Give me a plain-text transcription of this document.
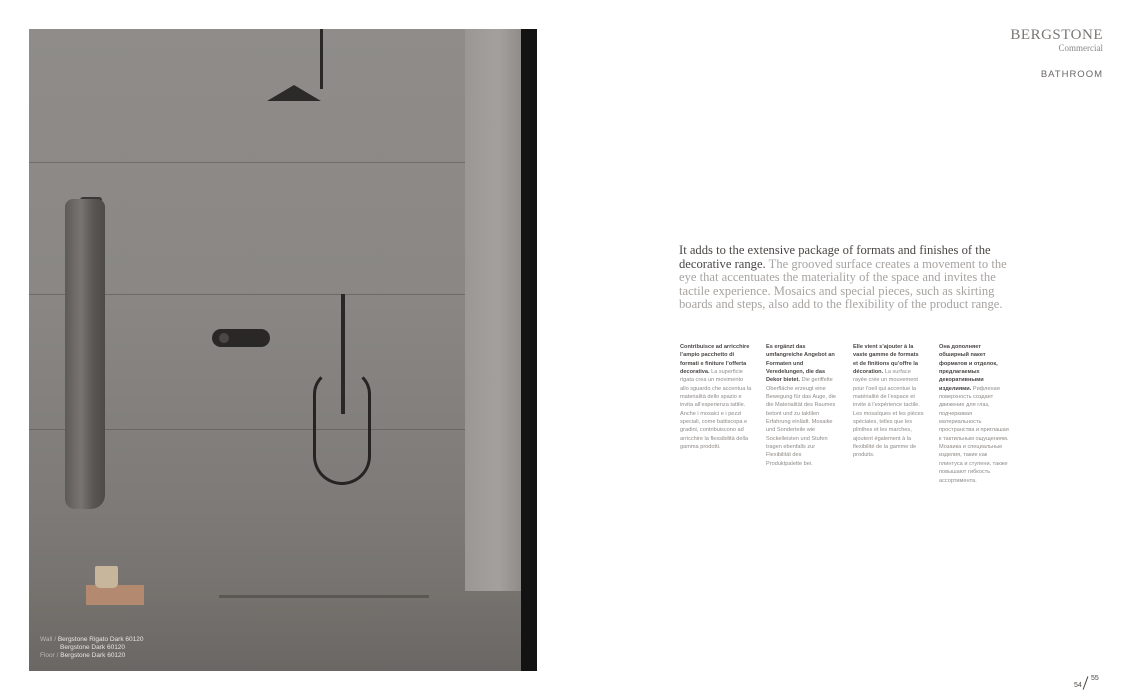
Wall / Bergstone Rigato Dark 60120
Bergstone Dark 60120
Floor / Bergstone Dark 60120
BERGSTONE
Commercial
BATHROOM

It adds to the extensive package of formats and finishes of the decorative range. The grooved surface creates a movement to the eye that accentuates the materiality of the space and invites the tactile experience. Mosaics and special pieces, such as skirting boards and steps, also add to the flexibility of the product range.

Contribuisce ad arricchire l’ampio pacchetto di formati e finiture l’offerta decorativa. La superficie rigata crea un movimento allo sguardo che accentua la materialità dello spazio e invita all’esperienza tattile. Anche i mosaici e i pezzi speciali, come battiscopa e gradini, contribuiscono ad arricchire la flessibilità della gamma prodotti.

Es ergänzt das umfangreiche Angebot an Formaten und Veredelungen, die das Dekor bietet. Die geriffelte Oberfläche erzeugt eine Bewegung für das Auge, die die Materialität des Raumes betont und zu taktilen Erfahrung einlädt. Mosaike und Sonderteile wie Sockelleisten und Stufen tragen ebenfalls zur Flexibilität des Produktpalette bei.

Elle vient s’ajouter à la vaste gamme de formats et de finitions qu’offre la décoration. La surface rayée crée un mouvement pour l’oeil qui accentue la matérialité de l’espace et invite à l’expérience tactile. Les mosaïques et les pièces spéciales, telles que les plinthes et les marches, ajoutent également à la flexibilité de la gamme de produits.

Она дополняет обширный пакет форматов и отделок, предлагаемых декоративными изделиями. Рифленая поверхность создает движение для глаз, подчеркивая материальность пространства и приглашая к тактильным ощущениям. Мозаика и специальные изделия, такие как плинтуса и ступени, также повышают гибкость ассортимента.

54
55
